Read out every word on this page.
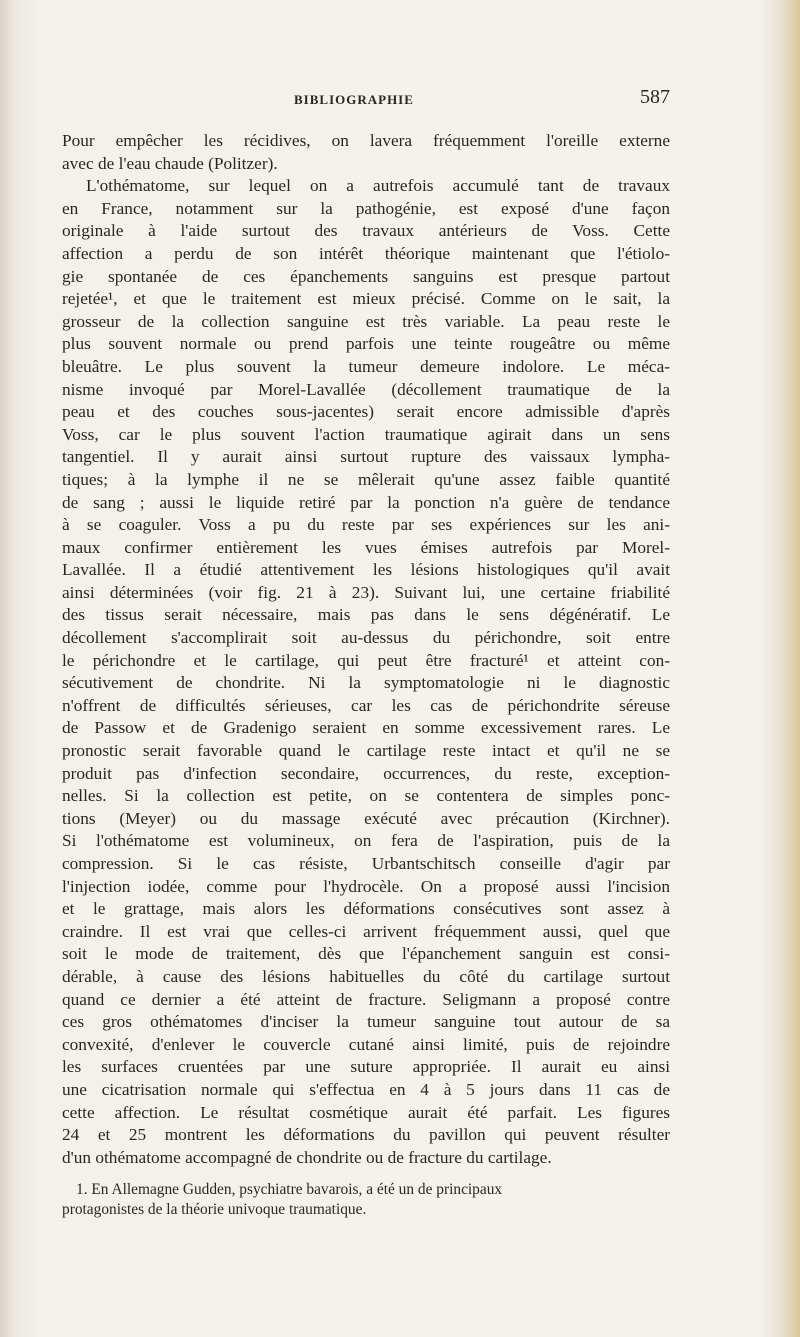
BIBLIOGRAPHIE	587
Pour empêcher les récidives, on lavera fréquemment l'oreille externe
avec de l'eau chaude (Politzer).
L'othématome, sur lequel on a autrefois accumulé tant de travaux
en France, notamment sur la pathogénie, est exposé d'une façon
originale à l'aide surtout des travaux antérieurs de Voss. Cette
affection a perdu de son intérêt théorique maintenant que l'étiolo-
gie spontanée de ces épanchements sanguins est presque partout
rejetée¹, et que le traitement est mieux précisé. Comme on le sait, la
grosseur de la collection sanguine est très variable. La peau reste le
plus souvent normale ou prend parfois une teinte rougeâtre ou même
bleuâtre. Le plus souvent la tumeur demeure indolore. Le méca-
nisme invoqué par Morel-Lavallée (décollement traumatique de la
peau et des couches sous-jacentes) serait encore admissible d'après
Voss, car le plus souvent l'action traumatique agirait dans un sens
tangentiel. Il y aurait ainsi surtout rupture des vaissaux lympha-
tiques; à la lymphe il ne se mêlerait qu'une assez faible quantité
de sang ; aussi le liquide retiré par la ponction n'a guère de tendance
à se coaguler. Voss a pu du reste par ses expériences sur les ani-
maux confirmer entièrement les vues émises autrefois par Morel-
Lavallée. Il a étudié attentivement les lésions histologiques qu'il avait
ainsi déterminées (voir fig. 21 à 23). Suivant lui, une certaine friabilité
des tissus serait nécessaire, mais pas dans le sens dégénératif. Le
décollement s'accomplirait soit au-dessus du périchondre, soit entre
le périchondre et le cartilage, qui peut être fracturé¹ et atteint con-
sécutivement de chondrite. Ni la symptomatologie ni le diagnostic
n'offrent de difficultés sérieuses, car les cas de périchondrite séreuse
de Passow et de Gradenigo seraient en somme excessivement rares. Le
pronostic serait favorable quand le cartilage reste intact et qu'il ne se
produit pas d'infection secondaire, occurrences, du reste, exception-
nelles. Si la collection est petite, on se contentera de simples ponc-
tions (Meyer) ou du massage exécuté avec précaution (Kirchner).
Si l'othématome est volumineux, on fera de l'aspiration, puis de la
compression. Si le cas résiste, Urbantschitsch conseille d'agir par
l'injection iodée, comme pour l'hydrocèle. On a proposé aussi l'incision
et le grattage, mais alors les déformations consécutives sont assez à
craindre. Il est vrai que celles-ci arrivent fréquemment aussi, quel que
soit le mode de traitement, dès que l'épanchement sanguin est consi-
dérable, à cause des lésions habituelles du côté du cartilage surtout
quand ce dernier a été atteint de fracture. Seligmann a proposé contre
ces gros othématomes d'inciser la tumeur sanguine tout autour de sa
convexité, d'enlever le couvercle cutané ainsi limité, puis de rejoindre
les surfaces cruentées par une suture appropriée. Il aurait eu ainsi
une cicatrisation normale qui s'effectua en 4 à 5 jours dans 11 cas de
cette affection. Le résultat cosmétique aurait été parfait. Les figures
24 et 25 montrent les déformations du pavillon qui peuvent résulter
d'un othématome accompagné de chondrite ou de fracture du cartilage.
1. En Allemagne Gudden, psychiatre bavarois, a été un de principaux
protagonistes de la théorie univoque traumatique.
